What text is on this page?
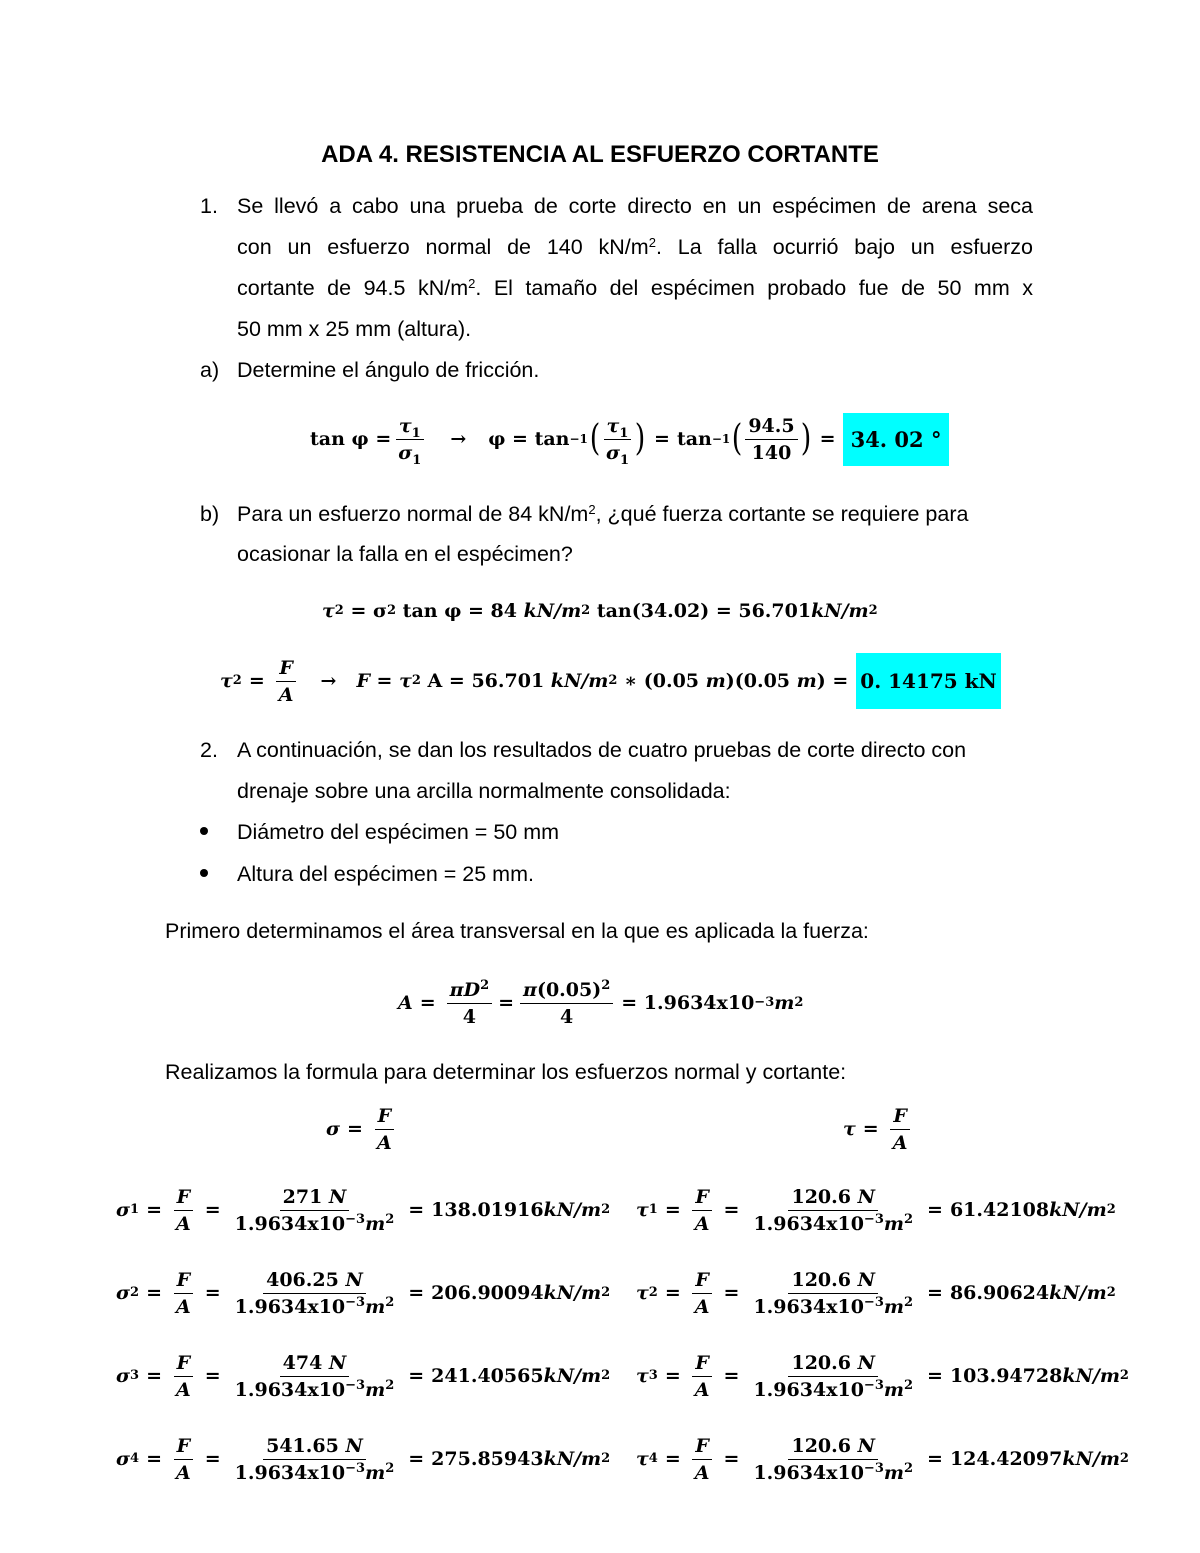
ADA 4. RESISTENCIA AL ESFUERZO CORTANTE
1. Se llevó a cabo una prueba de corte directo en un espécimen de arena seca
con un esfuerzo normal de 140 $kN/m^2$. La falla ocurrió bajo un esfuerzo
cortante de 94.5 $kN/m^2$. El tamaño del espécimen probado fue de 50 mm x
50 mm x 25 mm (altura).
a) Determine el ángulo de fricción.
$\tan \varphi = \frac{\tau_1}{\sigma_1} \to \varphi = \tan -1$ ( $\frac{\tau_1}{\sigma_1}$ ) = tan −1 ( $\frac{94.5}{140}$ ) = 34. 02 °
b) Para un esfuerzo normal de 84 $kN/m^2$, ¿qué fuerza cortante se requiere para
ocasionar la falla en el espécimen?
τ 2 = σ 2 tan φ = 84 kN/m 2 tan(34.02) = 56.701 kN/m 2
τ $2 = \frac{F}{A} \to F = \tau$ 2 A = 56.701 kN/m 2 ∗ (0.05 m )(0.05 m ) = 0. 14175 kN
2. A continuación, se dan los resultados de cuatro pruebas de corte directo con
drenaje sobre una arcilla normalmente consolidada:
Diámetro del espécimen = 50 mm
Altura del espécimen = 25 mm.
Primero determinamos el área transversal en la que es aplicada la fuerza:
$A = \frac{\pi D^2}{4} = \frac{\pi(0.05)^2}{4} = 1.9634x10 -3$ m 2
Realizamos la formula para determinar los esfuerzos normal y cortante:
$\sigma = \frac{F}{A}$	$\tau = \frac{F}{A}$
σ $1 = \frac{F}{A} = \frac{271 N}{1.9634x10^{-3}m^2} = 138.01916$ kN/m 2
σ $2 = \frac{F}{A} = \frac{406.25 N}{1.9634x10^{-3}m^2} = 206.90094$ kN/m 2
σ $3 = \frac{F}{A} = \frac{474 N}{1.9634x10^{-3}m^2} = 241.40565$ kN/m 2
σ $4 = \frac{F}{A} = \frac{541.65 N}{1.9634x10^{-3}m^2} = 275.85943$ kN/m 2
τ $1 = \frac{F}{A} = \frac{120.6 N}{1.9634x10^{-3}m^2} = 61.42108$ kN/m 2
τ $2 = \frac{F}{A} = \frac{120.6 N}{1.9634x10^{-3}m^2} = 86.90624$ kN/m 2
τ $3 = \frac{F}{A} = \frac{120.6 N}{1.9634x10^{-3}m^2} = 103.94728$ kN/m 2
τ $4 = \frac{F}{A} = \frac{120.6 N}{1.9634x10^{-3}m^2} = 124.42097$ kN/m 2
